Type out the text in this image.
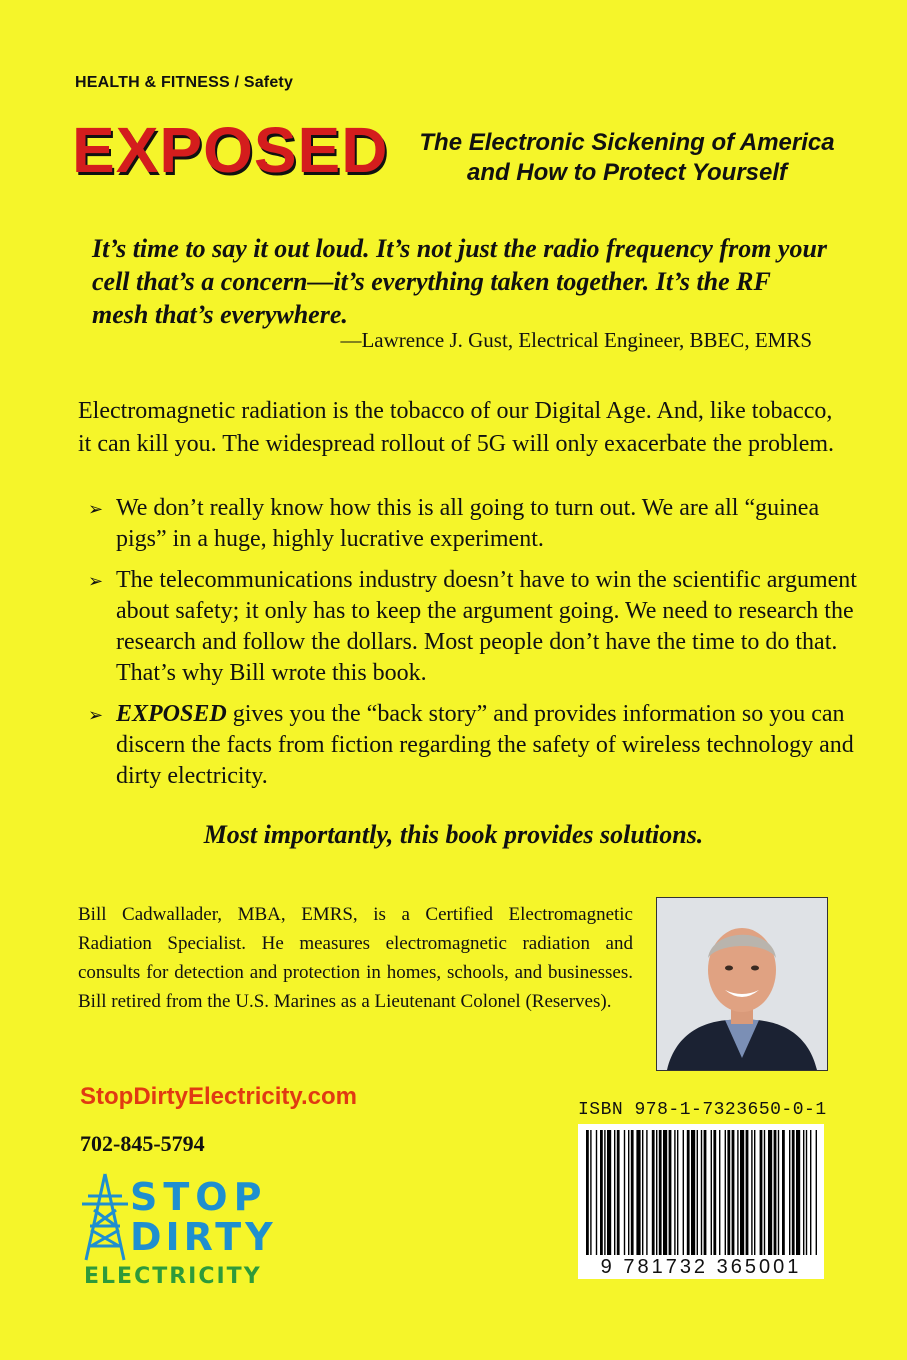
HEALTH & FITNESS / Safety
EXPOSED	The Electronic Sickening of America
and How to Protect Yourself
It’s time to say it out loud. It’s not just the radio frequency from your cell that’s a concern—it’s everything taken together. It’s the RF mesh that’s everywhere.
—Lawrence J. Gust, Electrical Engineer, BBEC, EMRS
Electromagnetic radiation is the tobacco of our Digital Age. And, like tobacco, it can kill you. The widespread rollout of 5G will only exacerbate the problem.
➢ We don’t really know how this is all going to turn out. We are all “guinea pigs” in a huge, highly lucrative experiment.
➢ The telecommunications industry doesn’t have to win the scientific argument about safety; it only has to keep the argument going. We need to research the research and follow the dollars. Most people don’t have the time to do that. That’s why Bill wrote this book.
➢ EXPOSED gives you the “back story” and provides information so you can discern the facts from fiction regarding the safety of wireless technology and dirty electricity.
Most importantly, this book provides solutions.
Bill Cadwallader, MBA, EMRS, is a Certified Electromagnetic Radiation Specialist. He measures electromagnetic radiation and consults for detection and protection in homes, schools, and businesses. Bill retired from the U.S. Marines as a Lieutenant Colonel (Reserves).
StopDirtyElectricity.com
702-845-5794
STOP
DIRTY
ELECTRICITY
ISBN 978-1-7323650-0-1
9 781732 365001
